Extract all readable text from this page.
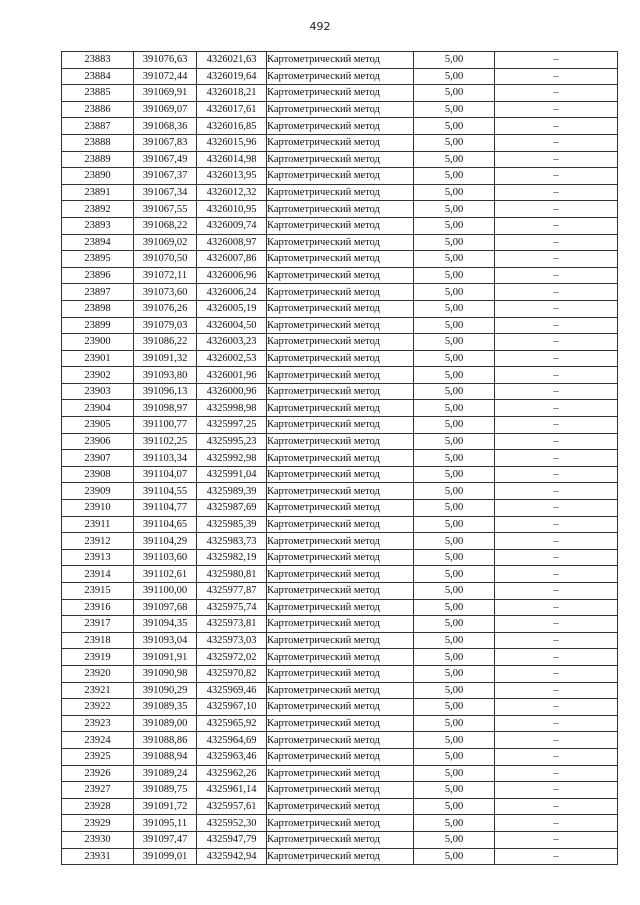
492
23883	391076,63	4326021,63	Картометрический метод	5,00	–
23884	391072,44	4326019,64	Картометрический метод	5,00	–
23885	391069,91	4326018,21	Картометрический метод	5,00	–
23886	391069,07	4326017,61	Картометрический метод	5,00	–
23887	391068,36	4326016,85	Картометрический метод	5,00	–
23888	391067,83	4326015,96	Картометрический метод	5,00	–
23889	391067,49	4326014,98	Картометрический метод	5,00	–
23890	391067,37	4326013,95	Картометрический метод	5,00	–
23891	391067,34	4326012,32	Картометрический метод	5,00	–
23892	391067,55	4326010,95	Картометрический метод	5,00	–
23893	391068,22	4326009,74	Картометрический метод	5,00	–
23894	391069,02	4326008,97	Картометрический метод	5,00	–
23895	391070,50	4326007,86	Картометрический метод	5,00	–
23896	391072,11	4326006,96	Картометрический метод	5,00	–
23897	391073,60	4326006,24	Картометрический метод	5,00	–
23898	391076,26	4326005,19	Картометрический метод	5,00	–
23899	391079,03	4326004,50	Картометрический метод	5,00	–
23900	391086,22	4326003,23	Картометрический метод	5,00	–
23901	391091,32	4326002,53	Картометрический метод	5,00	–
23902	391093,80	4326001,96	Картометрический метод	5,00	–
23903	391096,13	4326000,96	Картометрический метод	5,00	–
23904	391098,97	4325998,98	Картометрический метод	5,00	–
23905	391100,77	4325997,25	Картометрический метод	5,00	–
23906	391102,25	4325995,23	Картометрический метод	5,00	–
23907	391103,34	4325992,98	Картометрический метод	5,00	–
23908	391104,07	4325991,04	Картометрический метод	5,00	–
23909	391104,55	4325989,39	Картометрический метод	5,00	–
23910	391104,77	4325987,69	Картометрический метод	5,00	–
23911	391104,65	4325985,39	Картометрический метод	5,00	–
23912	391104,29	4325983,73	Картометрический метод	5,00	–
23913	391103,60	4325982,19	Картометрический метод	5,00	–
23914	391102,61	4325980,81	Картометрический метод	5,00	–
23915	391100,00	4325977,87	Картометрический метод	5,00	–
23916	391097,68	4325975,74	Картометрический метод	5,00	–
23917	391094,35	4325973,81	Картометрический метод	5,00	–
23918	391093,04	4325973,03	Картометрический метод	5,00	–
23919	391091,91	4325972,02	Картометрический метод	5,00	–
23920	391090,98	4325970,82	Картометрический метод	5,00	–
23921	391090,29	4325969,46	Картометрический метод	5,00	–
23922	391089,35	4325967,10	Картометрический метод	5,00	–
23923	391089,00	4325965,92	Картометрический метод	5,00	–
23924	391088,86	4325964,69	Картометрический метод	5,00	–
23925	391088,94	4325963,46	Картометрический метод	5,00	–
23926	391089,24	4325962,26	Картометрический метод	5,00	–
23927	391089,75	4325961,14	Картометрический метод	5,00	–
23928	391091,72	4325957,61	Картометрический метод	5,00	–
23929	391095,11	4325952,30	Картометрический метод	5,00	–
23930	391097,47	4325947,79	Картометрический метод	5,00	–
23931	391099,01	4325942,94	Картометрический метод	5,00	–
